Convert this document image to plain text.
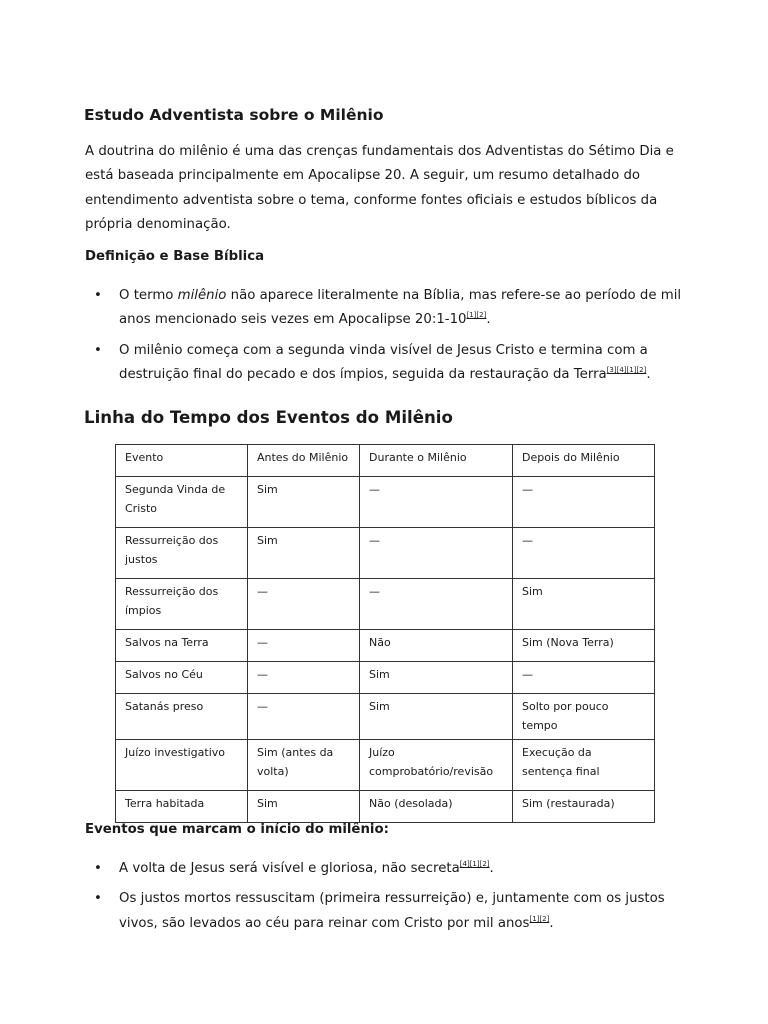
Estudo Adventista sobre o Milênio

A doutrina do milênio é uma das crenças fundamentais dos Adventistas do Sétimo Dia e está baseada principalmente em Apocalipse 20. A seguir, um resumo detalhado do entendimento adventista sobre o tema, conforme fontes oficiais e estudos bíblicos da própria denominação.

Definição e Base Bíblica
• O termo milênio não aparece literalmente na Bíblia, mas refere-se ao período de mil anos mencionado seis vezes em Apocalipse 20:1-10[1][2].
• O milênio começa com a segunda vinda visível de Jesus Cristo e termina com a destruição final do pecado e dos ímpios, seguida da restauração da Terra[3][4][1][2].
Linha do Tempo dos Eventos do Milênio
Evento	Antes do Milênio	Durante o Milênio	Depois do Milênio
Segunda Vinda de Cristo	Sim	—	—
Ressurreição dos justos	Sim	—	—
Ressurreição dos ímpios	—	—	Sim
Salvos na Terra	—	Não	Sim (Nova Terra)
Salvos no Céu	—	Sim	—
Satanás preso	—	Sim	Solto por pouco tempo
Juízo investigativo	Sim (antes da volta)	Juízo comprobatório/revisão	Execução da sentença final
Terra habitada	Sim	Não (desolada)	Sim (restaurada)
Eventos que marcam o início do milênio:
• A volta de Jesus será visível e gloriosa, não secreta[4][1][2].
• Os justos mortos ressuscitam (primeira ressurreição) e, juntamente com os justos vivos, são levados ao céu para reinar com Cristo por mil anos[1][2].
